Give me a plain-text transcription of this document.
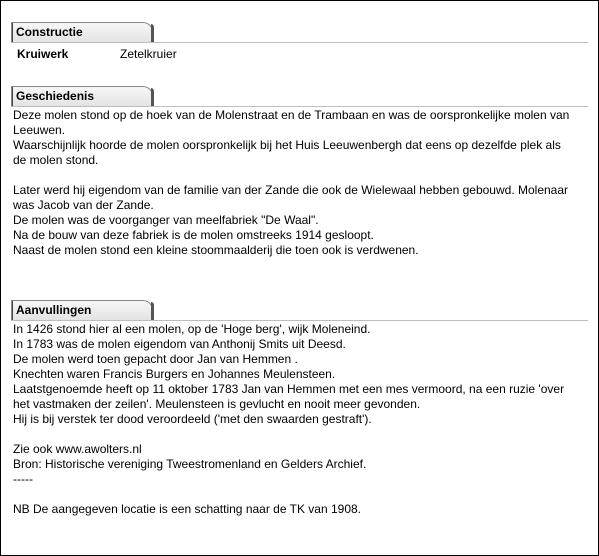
Constructie
Kruiwerk	Zetelkruier
Geschiedenis
Deze molen stond op de hoek van de Molenstraat en de Trambaan en was de oorspronkelijke molen van
Leeuwen.
Waarschijnlijk hoorde de molen oorspronkelijk bij het Huis Leeuwenbergh dat eens op dezelfde plek als
de molen stond.
Later werd hij eigendom van de familie van der Zande die ook de Wielewaal hebben gebouwd. Molenaar
was Jacob van der Zande.
De molen was de voorganger van meelfabriek "De Waal".
Na de bouw van deze fabriek is de molen omstreeks 1914 gesloopt.
Naast de molen stond een kleine stoommaalderij die toen ook is verdwenen.
Aanvullingen
In 1426 stond hier al een molen, op de 'Hoge berg', wijk Moleneind.
In 1783 was de molen eigendom van Anthonij Smits uit Deesd.
De molen werd toen gepacht door Jan van Hemmen .
Knechten waren Francis Burgers en Johannes Meulensteen.
Laatstgenoemde heeft op 11 oktober 1783 Jan van Hemmen met een mes vermoord, na een ruzie 'over
het vastmaken der zeilen'. Meulensteen is gevlucht en nooit meer gevonden.
Hij is bij verstek ter dood veroordeeld ('met den swaarden gestraft').
Zie ook www.awolters.nl
Bron: Historische vereniging Tweestromenland en Gelders Archief.
-----
NB De aangegeven locatie is een schatting naar de TK van 1908.
